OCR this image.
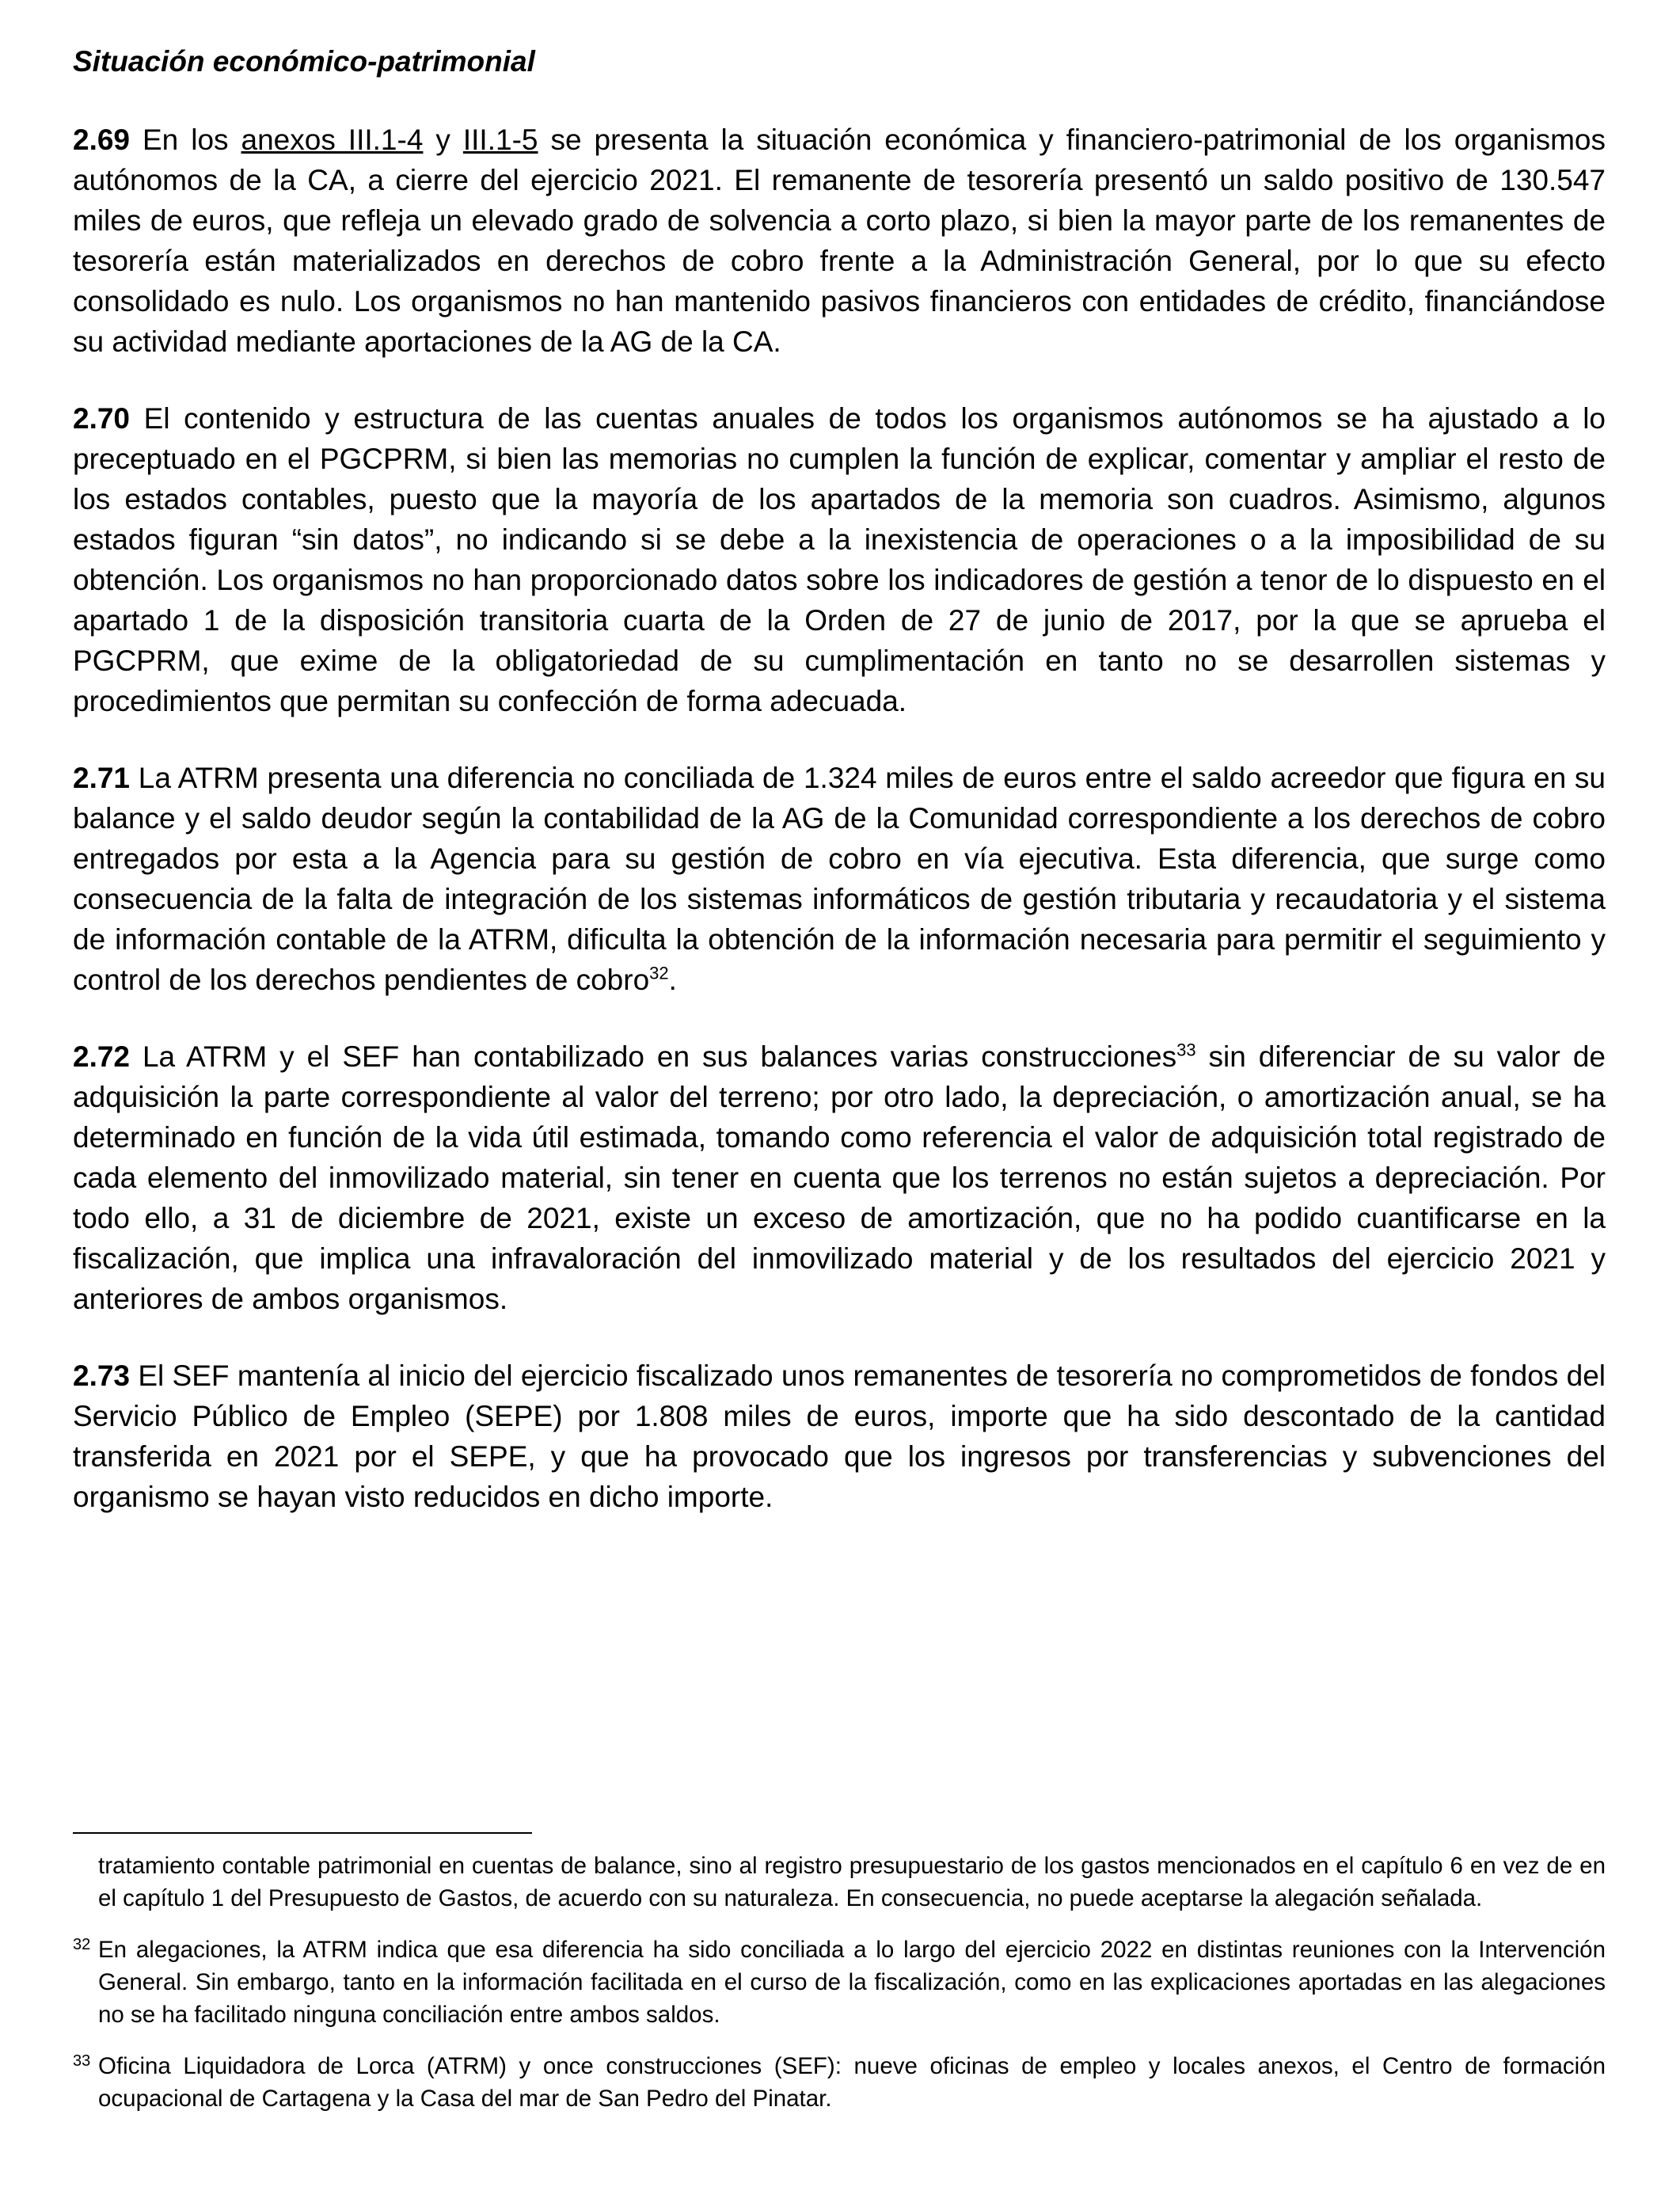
Situación económico-patrimonial

2.69 En los anexos III.1-4 y III.1-5 se presenta la situación económica y financiero-patrimonial de los organismos autónomos de la CA, a cierre del ejercicio 2021. El remanente de tesorería presentó un saldo positivo de 130.547 miles de euros, que refleja un elevado grado de solvencia a corto plazo, si bien la mayor parte de los remanentes de tesorería están materializados en derechos de cobro frente a la Administración General, por lo que su efecto consolidado es nulo. Los organismos no han mantenido pasivos financieros con entidades de crédito, financiándose su actividad mediante aportaciones de la AG de la CA.

2.70 El contenido y estructura de las cuentas anuales de todos los organismos autónomos se ha ajustado a lo preceptuado en el PGCPRM, si bien las memorias no cumplen la función de explicar, comentar y ampliar el resto de los estados contables, puesto que la mayoría de los apartados de la memoria son cuadros. Asimismo, algunos estados figuran “sin datos”, no indicando si se debe a la inexistencia de operaciones o a la imposibilidad de su obtención. Los organismos no han proporcionado datos sobre los indicadores de gestión a tenor de lo dispuesto en el apartado 1 de la disposición transitoria cuarta de la Orden de 27 de junio de 2017, por la que se aprueba el PGCPRM, que exime de la obligatoriedad de su cumplimentación en tanto no se desarrollen sistemas y procedimientos que permitan su confección de forma adecuada.

2.71 La ATRM presenta una diferencia no conciliada de 1.324 miles de euros entre el saldo acreedor que figura en su balance y el saldo deudor según la contabilidad de la AG de la Comunidad correspondiente a los derechos de cobro entregados por esta a la Agencia para su gestión de cobro en vía ejecutiva. Esta diferencia, que surge como consecuencia de la falta de integración de los sistemas informáticos de gestión tributaria y recaudatoria y el sistema de información contable de la ATRM, dificulta la obtención de la información necesaria para permitir el seguimiento y control de los derechos pendientes de cobro$^{32}$.

2.72 La ATRM y el SEF han contabilizado en sus balances varias construcciones$^{33}$ sin diferenciar de su valor de adquisición la parte correspondiente al valor del terreno; por otro lado, la depreciación, o amortización anual, se ha determinado en función de la vida útil estimada, tomando como referencia el valor de adquisición total registrado de cada elemento del inmovilizado material, sin tener en cuenta que los terrenos no están sujetos a depreciación. Por todo ello, a 31 de diciembre de 2021, existe un exceso de amortización, que no ha podido cuantificarse en la fiscalización, que implica una infravaloración del inmovilizado material y de los resultados del ejercicio 2021 y anteriores de ambos organismos.

2.73 El SEF mantenía al inicio del ejercicio fiscalizado unos remanentes de tesorería no comprometidos de fondos del Servicio Público de Empleo (SEPE) por 1.808 miles de euros, importe que ha sido descontado de la cantidad transferida en 2021 por el SEPE, y que ha provocado que los ingresos por transferencias y subvenciones del organismo se hayan visto reducidos en dicho importe.

tratamiento contable patrimonial en cuentas de balance, sino al registro presupuestario de los gastos mencionados en el capítulo 6 en vez de en el capítulo 1 del Presupuesto de Gastos, de acuerdo con su naturaleza. En consecuencia, no puede aceptarse la alegación señalada.

32 En alegaciones, la ATRM indica que esa diferencia ha sido conciliada a lo largo del ejercicio 2022 en distintas reuniones con la Intervención General. Sin embargo, tanto en la información facilitada en el curso de la fiscalización, como en las explicaciones aportadas en las alegaciones no se ha facilitado ninguna conciliación entre ambos saldos.

33 Oficina Liquidadora de Lorca (ATRM) y once construcciones (SEF): nueve oficinas de empleo y locales anexos, el Centro de formación ocupacional de Cartagena y la Casa del mar de San Pedro del Pinatar.
